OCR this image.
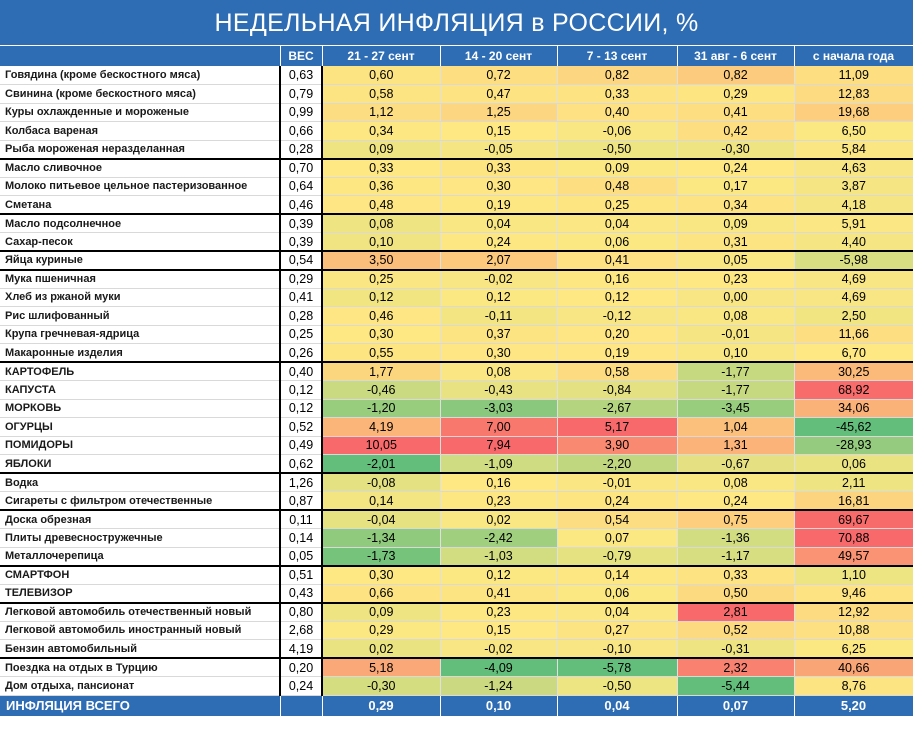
НЕДЕЛЬНАЯ ИНФЛЯЦИЯ в РОССИИ, %
	ВЕС	21 - 27 сент	14 - 20 сент	7 - 13 сент	31 авг - 6 сент	с начала года
Говядина (кроме бескостного мяса)	0,63	0,60	0,72	0,82	0,82	11,09
Свинина (кроме бескостного мяса)	0,79	0,58	0,47	0,33	0,29	12,83
Куры охлажденные и мороженые	0,99	1,12	1,25	0,40	0,41	19,68
Колбаса вареная	0,66	0,34	0,15	-0,06	0,42	6,50
Рыба мороженая неразделанная	0,28	0,09	-0,05	-0,50	-0,30	5,84
Масло сливочное	0,70	0,33	0,33	0,09	0,24	4,63
Молоко питьевое цельное пастеризованное	0,64	0,36	0,30	0,48	0,17	3,87
Сметана	0,46	0,48	0,19	0,25	0,34	4,18
Масло подсолнечное	0,39	0,08	0,04	0,04	0,09	5,91
Сахар-песок	0,39	0,10	0,24	0,06	0,31	4,40
Яйца куриные	0,54	3,50	2,07	0,41	0,05	-5,98
Мука пшеничная	0,29	0,25	-0,02	0,16	0,23	4,69
Хлеб из ржаной муки	0,41	0,12	0,12	0,12	0,00	4,69
Рис шлифованный	0,28	0,46	-0,11	-0,12	0,08	2,50
Крупа гречневая-ядрица	0,25	0,30	0,37	0,20	-0,01	11,66
Макаронные изделия	0,26	0,55	0,30	0,19	0,10	6,70
КАРТОФЕЛЬ	0,40	1,77	0,08	0,58	-1,77	30,25
КАПУСТА	0,12	-0,46	-0,43	-0,84	-1,77	68,92
МОРКОВЬ	0,12	-1,20	-3,03	-2,67	-3,45	34,06
ОГУРЦЫ	0,52	4,19	7,00	5,17	1,04	-45,62
ПОМИДОРЫ	0,49	10,05	7,94	3,90	1,31	-28,93
ЯБЛОКИ	0,62	-2,01	-1,09	-2,20	-0,67	0,06
Водка	1,26	-0,08	0,16	-0,01	0,08	2,11
Сигареты с фильтром отечественные	0,87	0,14	0,23	0,24	0,24	16,81
Доска обрезная	0,11	-0,04	0,02	0,54	0,75	69,67
Плиты древесностружечные	0,14	-1,34	-2,42	0,07	-1,36	70,88
Металлочерепица	0,05	-1,73	-1,03	-0,79	-1,17	49,57
СМАРТФОН	0,51	0,30	0,12	0,14	0,33	1,10
ТЕЛЕВИЗОР	0,43	0,66	0,41	0,06	0,50	9,46
Легковой автомобиль отечественный новый	0,80	0,09	0,23	0,04	2,81	12,92
Легковой автомобиль иностранный новый	2,68	0,29	0,15	0,27	0,52	10,88
Бензин автомобильный	4,19	0,02	-0,02	-0,10	-0,31	6,25
Поездка на отдых в Турцию	0,20	5,18	-4,09	-5,78	2,32	40,66
Дом отдыха, пансионат	0,24	-0,30	-1,24	-0,50	-5,44	8,76
ИНФЛЯЦИЯ ВСЕГО		0,29	0,10	0,04	0,07	5,20
